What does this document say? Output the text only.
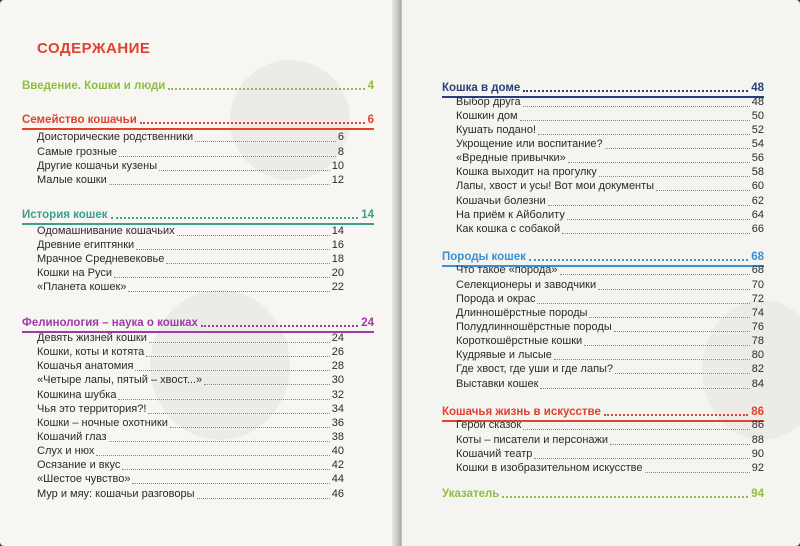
СОДЕРЖАНИЕ
Введение. Кошки и люди	4
Семейство кошачьи	6
Доисторические родственники	6
Самые грозные	8
Другие кошачьи кузены	10
Малые кошки	12
История кошек	14
Одомашнивание кошачьих	14
Древние египтянки	16
Мрачное Средневековье	18
Кошки на Руси	20
«Планета кошек»	22
Фелинология – наука о кошках	24
Девять жизней кошки	24
Кошки, коты и котята	26
Кошачья анатомия	28
«Четыре лапы, пятый – хвост...»	30
Кошкина шубка	32
Чья это территория?!	34
Кошки – ночные охотники	36
Кошачий глаз	38
Слух и нюх	40
Осязание и вкус	42
«Шестое чувство»	44
Мур и мяу: кошачьи разговоры	46
Кошка в доме	48
Выбор друга	48
Кошкин дом	50
Кушать подано!	52
Укрощение или воспитание?	54
«Вредные привычки»	56
Кошка выходит на прогулку	58
Лапы, хвост и усы! Вот мои документы	60
Кошачьи болезни	62
На приём к Айболиту	64
Как кошка с собакой	66
Породы кошек	68
Что такое «порода»	68
Селекционеры и заводчики	70
Порода и окрас	72
Длинношёрстные породы	74
Полудлинношёрстные породы	76
Короткошёрстные кошки	78
Кудрявые и лысые	80
Где хвост, где уши и где лапы?	82
Выставки кошек	84
Кошачья жизнь в искусстве	86
Герои сказок	86
Коты – писатели и персонажи	88
Кошачий театр	90
Кошки в изобразительном искусстве	92
Указатель	94
